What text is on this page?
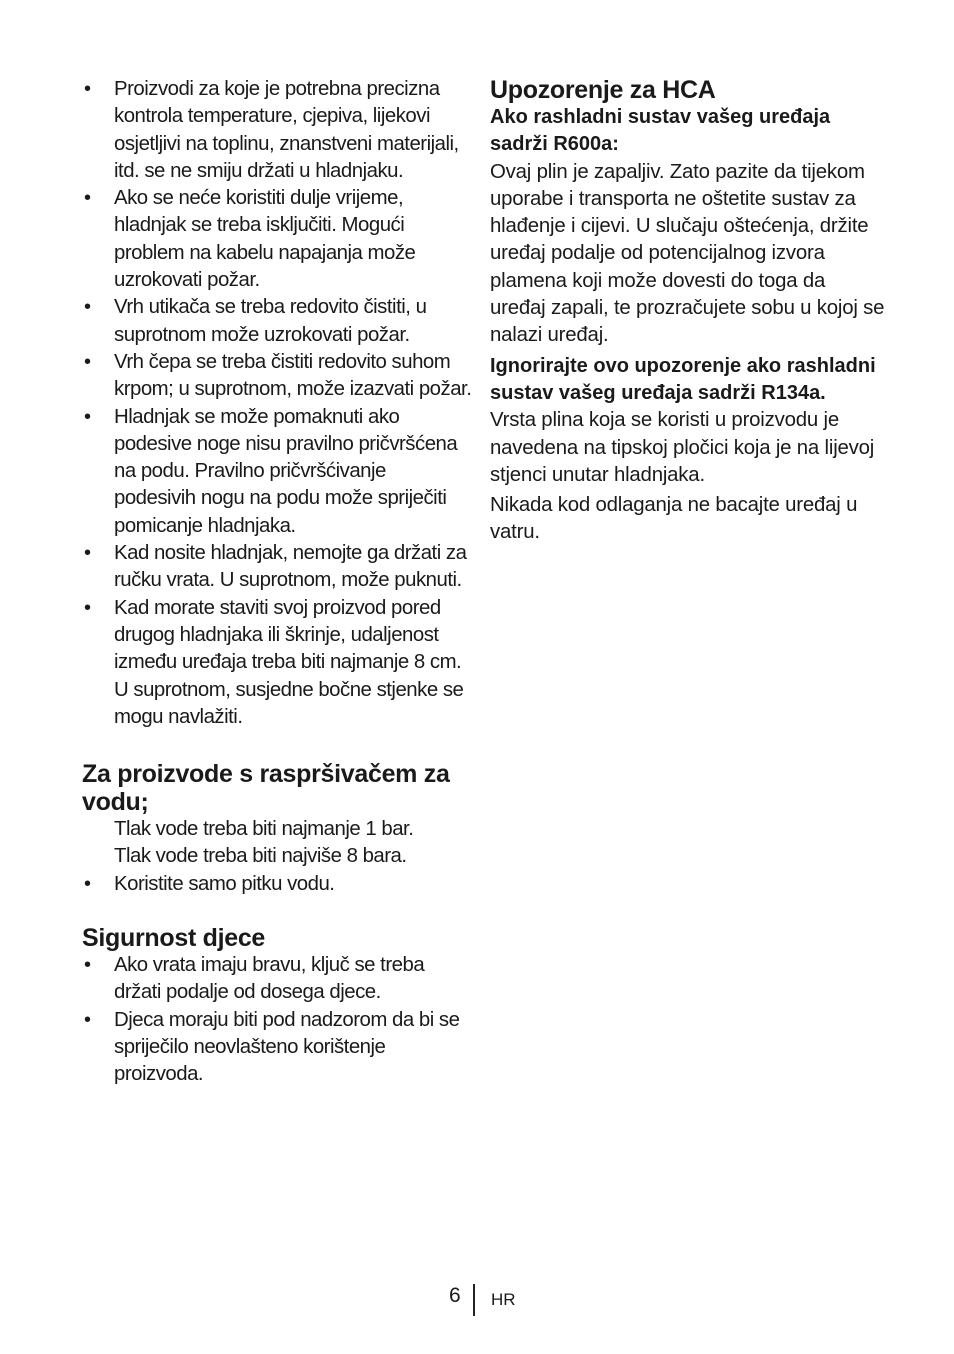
• Proizvodi za koje je potrebna precizna kontrola temperature, cjepiva, lijekovi osjetljivi na toplinu, znanstveni materijali, itd. se ne smiju držati u hladnjaku.
• Ako se neće koristiti dulje vrijeme, hladnjak se treba isključiti. Mogući problem na kabelu napajanja može uzrokovati požar.
• Vrh utikača se treba redovito čistiti, u suprotnom može uzrokovati požar.
• Vrh čepa se treba čistiti redovito suhom krpom; u suprotnom, može izazvati požar.
• Hladnjak se može pomaknuti ako podesive noge nisu pravilno pričvršćena na podu. Pravilno pričvršćivanje podesivih nogu na podu može spriječiti pomicanje hladnjaka.
• Kad nosite hladnjak, nemojte ga držati za ručku vrata. U suprotnom, može puknuti.
• Kad morate staviti svoj proizvod pored drugog hladnjaka ili škrinje, udaljenost između uređaja treba biti najmanje 8 cm. U suprotnom, susjedne bočne stjenke se mogu navlažiti.
Za proizvode s raspršivačem za vodu;

Tlak vode treba biti najmanje 1 bar.

Tlak vode treba biti najviše 8 bara.

• Koristite samo pitku vodu.
Sigurnost djece
• Ako vrata imaju bravu, ključ se treba držati podalje od dosega djece.
• Djeca moraju biti pod nadzorom da bi se spriječilo neovlašteno korištenje proizvoda.
Upozorenje za HCA

Ako rashladni sustav vašeg uređaja sadrži R600a:

Ovaj plin je zapaljiv. Zato pazite da tijekom uporabe i transporta ne oštetite sustav za hlađenje i cijevi. U slučaju oštećenja, držite uređaj podalje od potencijalnog izvora plamena koji može dovesti do toga da uređaj zapali, te prozračujete sobu u kojoj se nalazi uređaj.

Ignorirajte ovo upozorenje ako rashladni sustav vašeg uređaja sadrži R134a.

Vrsta plina koja se koristi u proizvodu je navedena na tipskoj pločici koja je na lijevoj stjenci unutar hladnjaka.

Nikada kod odlaganja ne bacajte uređaj u vatru.

6 HR
